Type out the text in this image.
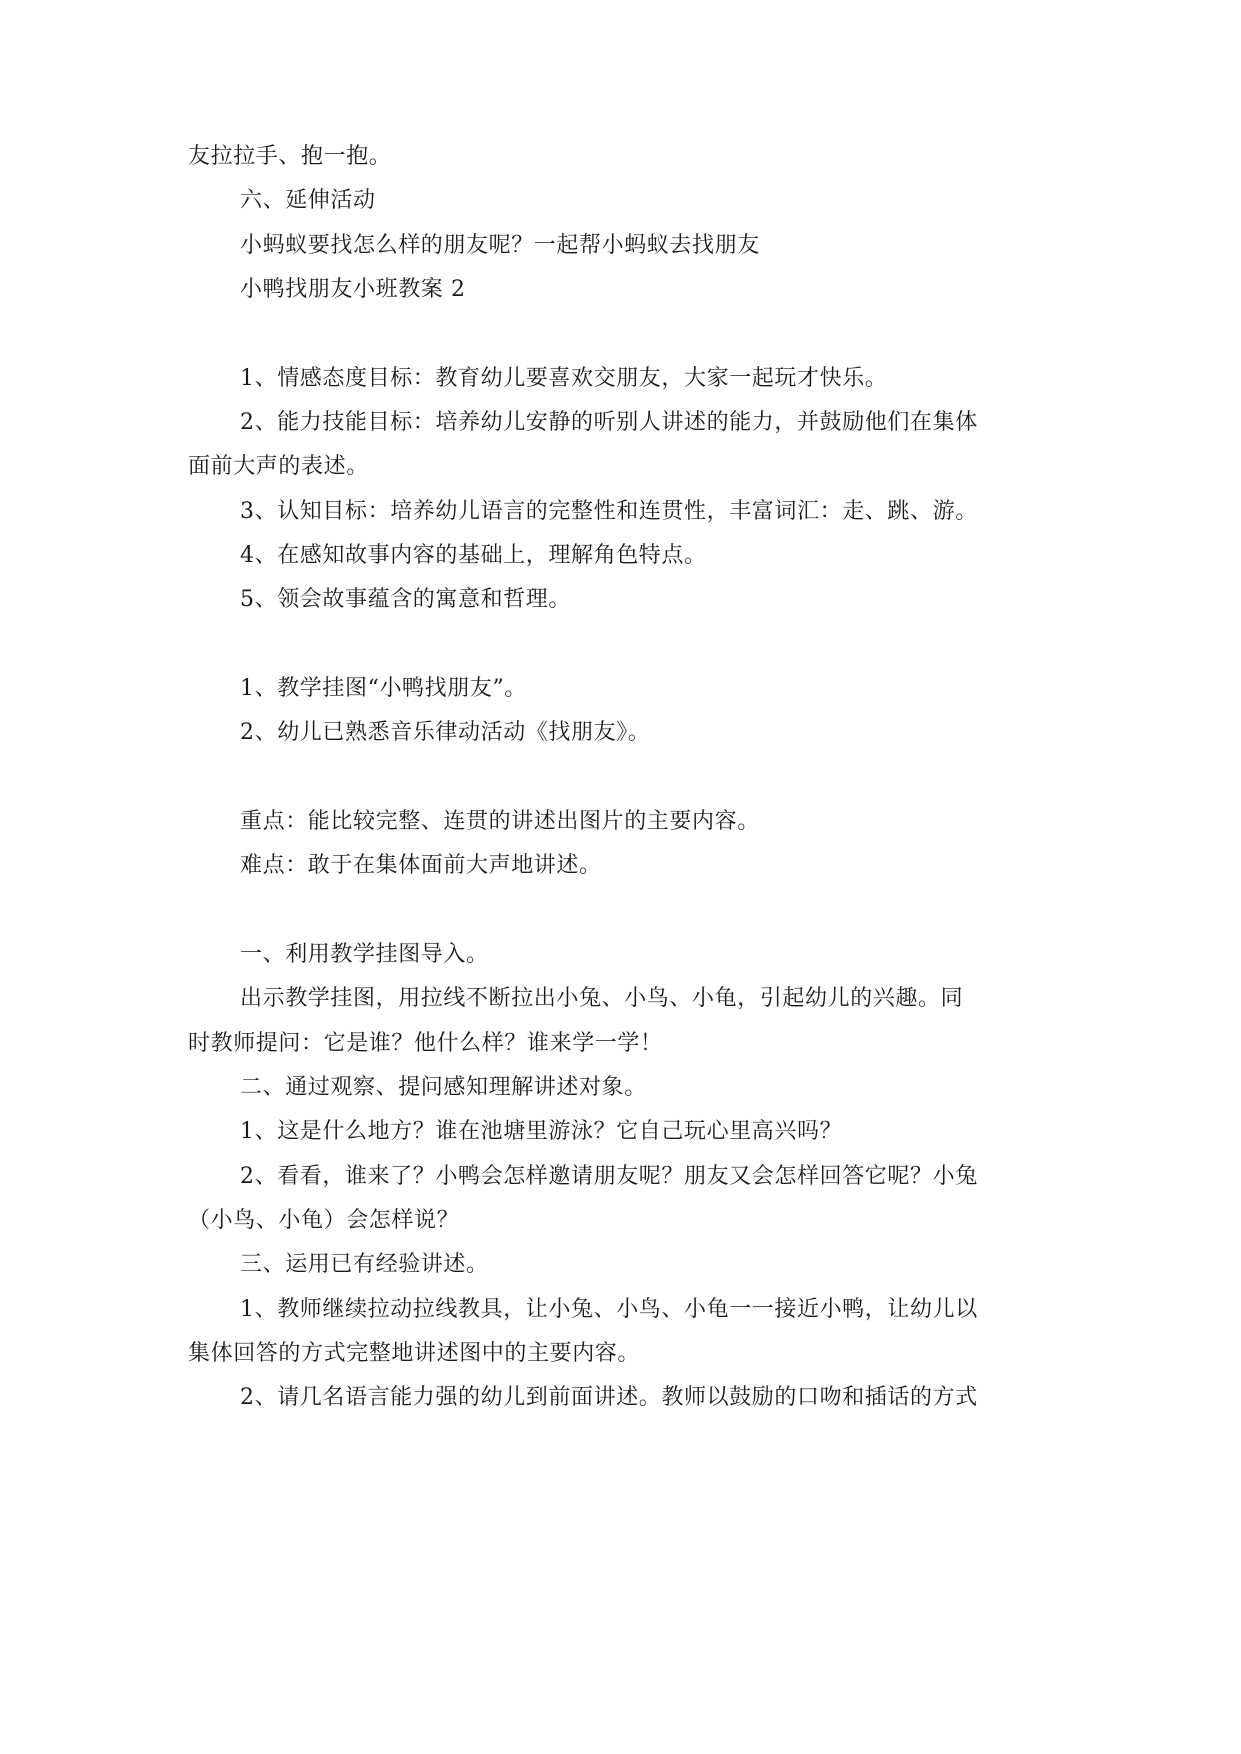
友拉拉手、抱一抱。
六、延伸活动
小蚂蚁要找怎么样的朋友呢？一起帮小蚂蚁去找朋友
小鸭找朋友小班教案 2
1、情感态度目标：教育幼儿要喜欢交朋友，大家一起玩才快乐。
2、能力技能目标：培养幼儿安静的听别人讲述的能力，并鼓励他们在集体
面前大声的表述。
3、认知目标：培养幼儿语言的完整性和连贯性，丰富词汇：走、跳、游。
4、在感知故事内容的基础上，理解角色特点。
5、领会故事蕴含的寓意和哲理。
1、教学挂图“小鸭找朋友”。
2、幼儿已熟悉音乐律动活动《找朋友》。
重点：能比较完整、连贯的讲述出图片的主要内容。
难点：敢于在集体面前大声地讲述。
一、利用教学挂图导入。
出示教学挂图，用拉线不断拉出小兔、小鸟、小龟，引起幼儿的兴趣。同
时教师提问：它是谁？他什么样？谁来学一学！
二、通过观察、提问感知理解讲述对象。
1、这是什么地方？谁在池塘里游泳？它自己玩心里高兴吗？
2、看看，谁来了？小鸭会怎样邀请朋友呢？朋友又会怎样回答它呢？小兔
（小鸟、小龟）会怎样说？
三、运用已有经验讲述。
1、教师继续拉动拉线教具，让小兔、小鸟、小龟一一接近小鸭，让幼儿以
集体回答的方式完整地讲述图中的主要内容。
2、请几名语言能力强的幼儿到前面讲述。教师以鼓励的口吻和插话的方式
